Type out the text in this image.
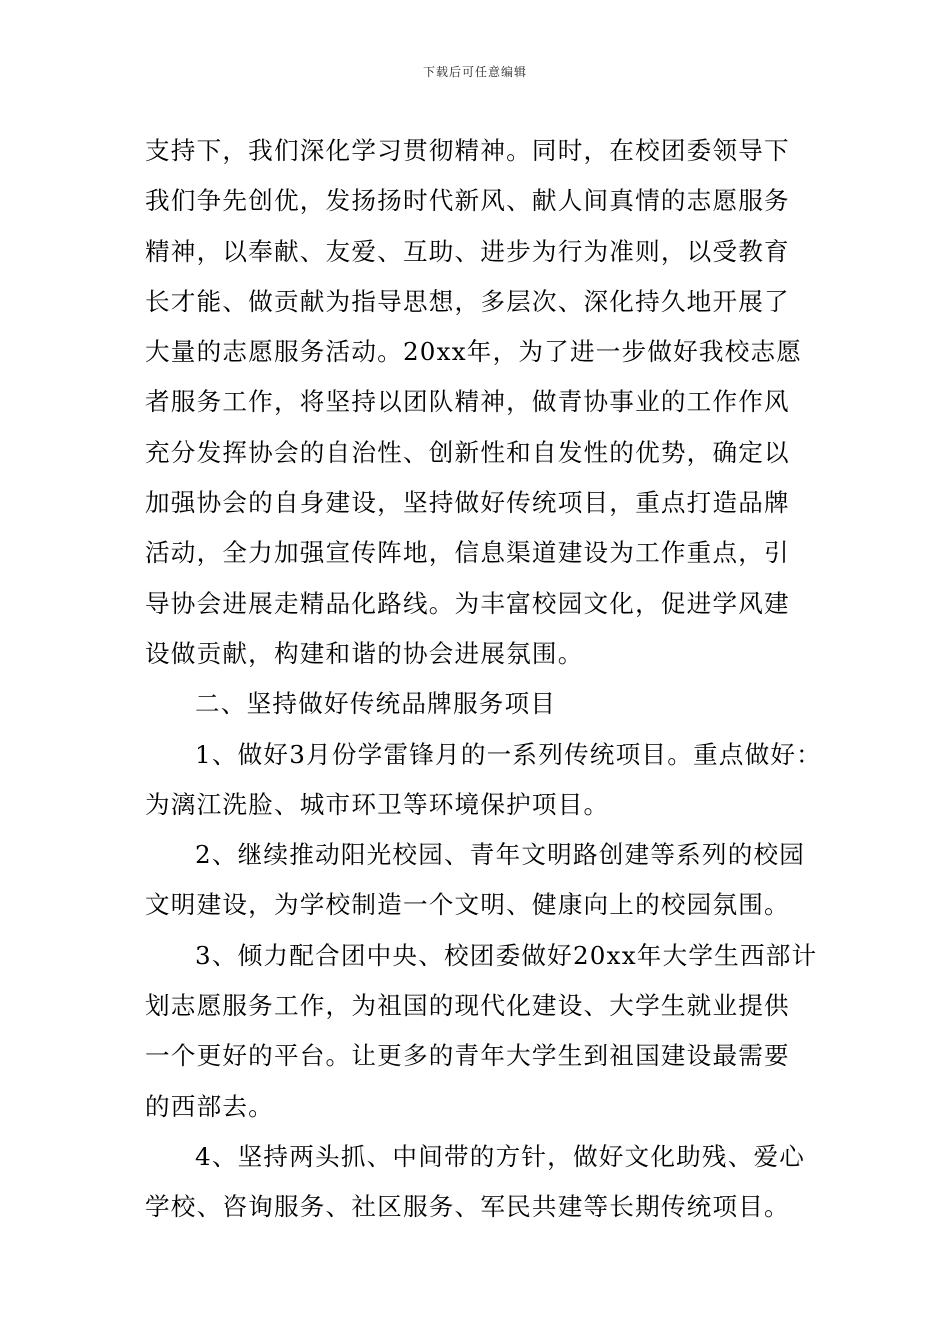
下载后可任意编辑
支持下，我们深化学习贯彻精神。同时，在校团委领导下
我们争先创优，发扬扬时代新风、献人间真情的志愿服务
精神，以奉献、友爱、互助、进步为行为准则，以受教育
长才能、做贡献为指导思想，多层次、深化持久地开展了
大量的志愿服务活动。20xx年，为了进一步做好我校志愿
者服务工作，将坚持以团队精神，做青协事业的工作作风
充分发挥协会的自治性、创新性和自发性的优势，确定以
加强协会的自身建设，坚持做好传统项目，重点打造品牌
活动，全力加强宣传阵地，信息渠道建设为工作重点，引
导协会进展走精品化路线。为丰富校园文化，促进学风建
设做贡献，构建和谐的协会进展氛围。
二、坚持做好传统品牌服务项目
1、做好3月份学雷锋月的一系列传统项目。重点做好：
为漓江洗脸、城市环卫等环境保护项目。
2、继续推动阳光校园、青年文明路创建等系列的校园
文明建设，为学校制造一个文明、健康向上的校园氛围。
3、倾力配合团中央、校团委做好20xx年大学生西部计
划志愿服务工作，为祖国的现代化建设、大学生就业提供
一个更好的平台。让更多的青年大学生到祖国建设最需要
的西部去。
4、坚持两头抓、中间带的方针，做好文化助残、爱心
学校、咨询服务、社区服务、军民共建等长期传统项目。
